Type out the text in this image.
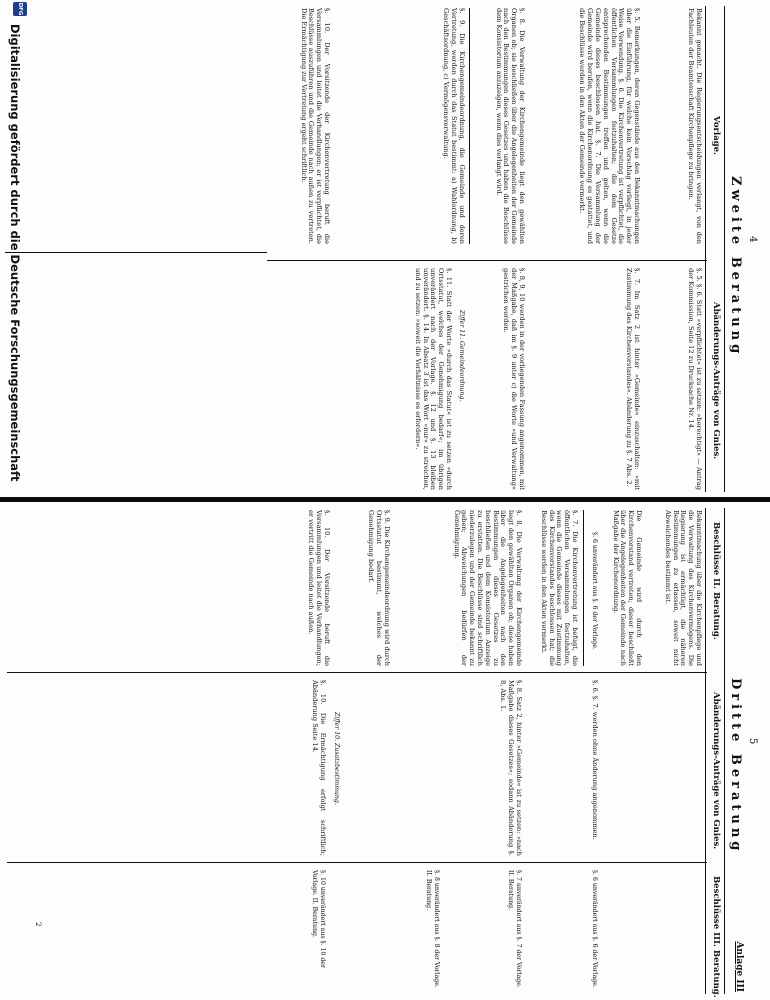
4
Zweite Beratung
Vorlage.
Abänderungs-Anträge von Gnies.
Bekannt genacht. Die Regierungsentscheidungen verlangt, von den Fachleuten der Beamtenschaft Kirchenpflege zu bringen.
§. 5. Bemerkungen, deren Gegenstände aus den Bekanntmachungen über die Einführung, für welche kein Vorschlag vorliegt, in jeder Weise Verwendung. §. 6. Die Kirchenvertretung ist verpflichtet, die öffentlichen Versammlungen festzuhalten; die dem Gesetze entsprechenden Bestimmungen treffen und gelten, wenn die Gemeinde dieses beschlossen hat. §. 7. Die Versammlung der Gemeinde wird berufen, wenn die Kirchenordnung es gestattet, und die Beschlüsse werden in den Akten der Gemeinde vermerkt.
§. 8. Die Verwaltung der Kirchengemeinde liegt den gewählten Organen ob; sie beschließen über die Angelegenheiten der Gemeinde nach den Bestimmungen dieses Gesetzes und haben die Beschlüsse dem Konsistorium anzuzeigen, wenn dies verlangt wird.
§. 9. Die Kirchengemeindeordnung, die Gemeinde und deren Vertretung, werden durch das Statut bestimmt: a) Wahlordnung, b) Geschäftsordnung, c) Vermögensverwaltung.
§. 10. Der Vorsitzende der Kirchenvertretung beruft die Versammlungen und leitet die Verhandlungen; er ist verpflichtet, die Beschlüsse auszuführen und die Gemeinde nach außen zu vertreten. Die Ermächtigung zur Vertretung ergeht schriftlich.
§. 5. §. 6. Statt »verpflichtet« ist zu setzen: »berechtigt« — Antrag der Kommission, Seite 12 zu Drucksache Nr. 14.
§. 7. Im Satz 2 ist hinter »Gemeinde« einzuschalten: »mit Zustimmung des Kirchenvorstandes«. Abänderung zu §. 7 Abs. 2.
§. 8, 9, 10 werden in der vorliegenden Fassung angenommen, mit der Maßgabe, daß im §. 9 unter c) die Worte »und Verwaltung« gestrichen werden.
Ziffer 11. Gemeindeordnung.
§. 11. Statt der Worte »durch das Statut« ist zu setzen »durch Ortsstatut, welches der Genehmigung bedarf«; im übrigen unverändert nach der Vorlage. §. 12 und §. 13 bleiben unverändert. §. 14. In Absatz 3 ist das Wort »nur« zu streichen, und zu setzen: »soweit die Verhältnisse es erfordern«.
5
Dritte Beratung
Anlage III
Beschlüsse II. Beratung.
Abänderungs-Anträge von Gnies.
Beschlüsse III. Beratung.
Bekanntmachung über die Kirchenpflege und die Verwaltung des Kirchenvermögens. Die Regierung ist ermächtigt, die näheren Bestimmungen zu erlassen, soweit nicht Abweichendes bestimmt ist.
Die Gemeinde wird durch den Kirchenvorstand vertreten; dieser beschließt über die Angelegenheiten der Gemeinde nach Maßgabe der Kirchenordnung.
§. 6 unverändert aus §. 6 der Vorlage.
§. 7. Die Kirchenvertretung ist befugt, die öffentlichen Versammlungen festzuhalten, wenn die Gemeinde dieses mit Zustimmung des Kirchenvorstandes beschlossen hat; die Beschlüsse werden in den Akten vermerkt.
§. 8. Die Verwaltung der Kirchengemeinde liegt den gewählten Organen ob; diese haben über die Angelegenheiten nach den Bestimmungen dieses Gesetzes zu beschließen und dem Konsistorium Anzeige zu erstatten. Die Beschlüsse sind schriftlich niederzulegen und der Gemeinde bekannt zu geben; Abweichungen bedürfen der Genehmigung.
§. 9. Die Kirchengemeindeordnung wird durch Ortsstatut bestimmt, welches der Genehmigung bedarf.
§. 10. Der Vorsitzende beruft die Versammlungen und leitet die Verhandlungen; er vertritt die Gemeinde nach außen.
§. 6. §. 7. werden ohne Änderung angenommen.
§. 8. Satz 2, hinter »Gemeinde« ist zu setzen: »nach Maßgabe dieses Gesetzes«; sodann Abänderung §. 8, Abs. 1.
Ziffer 10. Zusatzbestimmung.
§. 10. Die Ermächtigung erfolgt schriftlich; Abänderung Seite 14.
§. 6 unverändert aus §. 6 der Vorlage.
§. 7 unverändert aus §. 7 der Vorlage. II. Beratung.
§. 8 unverändert aus §. 8 der Vorlage. II. Beratung.
§. 10 unverändert aus §. 10 der Vorlage. II. Beratung.
2
DFG
Digitalisierung gefördert durch die Deutsche Forschungsgemeinschaft
